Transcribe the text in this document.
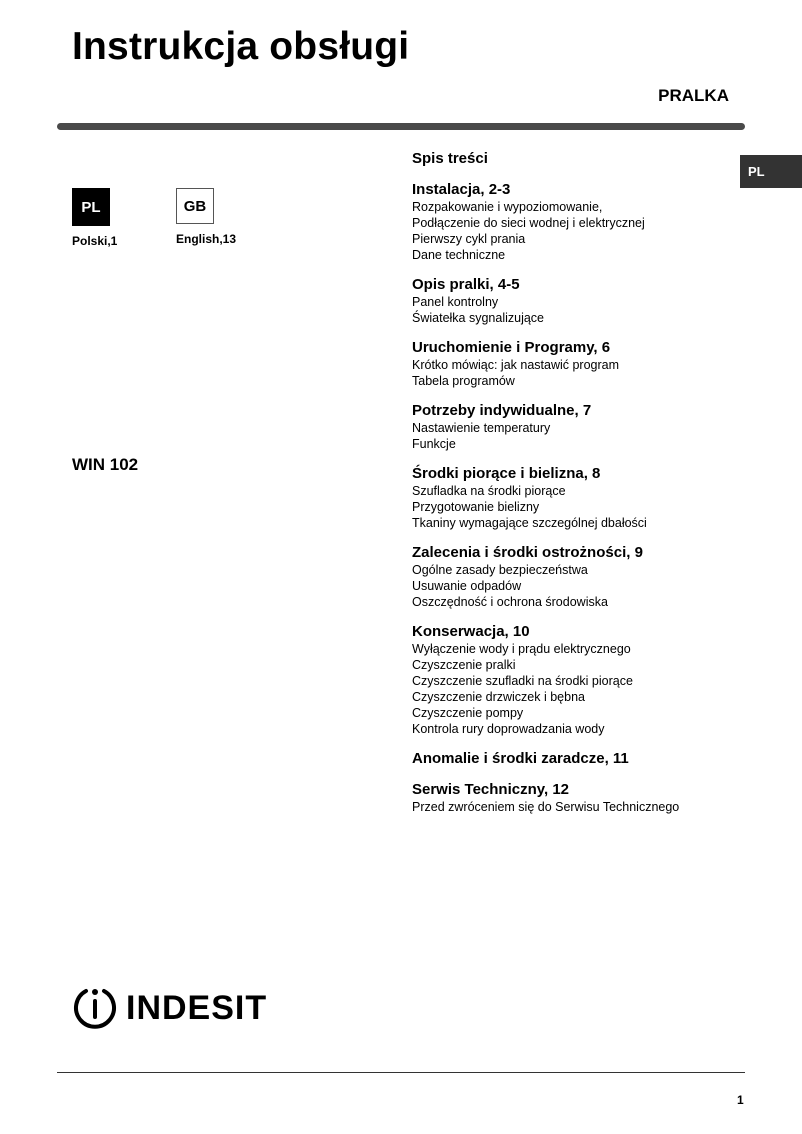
Instrukcja obsługi
PRALKA
PL
PL
Polski,1
GB
English,13
WIN 102
Spis treści
Instalacja, 2-3
Rozpakowanie i wypoziomowanie,
Podłączenie do sieci wodnej i elektrycznej
Pierwszy cykl prania
Dane techniczne
Opis pralki, 4-5
Panel kontrolny
Światełka sygnalizujące
Uruchomienie i Programy, 6
Krótko mówiąc: jak nastawić program
Tabela programów
Potrzeby indywidualne, 7
Nastawienie temperatury
Funkcje
Środki piorące i bielizna, 8
Szufladka na środki piorące
Przygotowanie bielizny
Tkaniny wymagające szczególnej dbałości
Zalecenia i środki ostrożności, 9
Ogólne zasady bezpieczeństwa
Usuwanie odpadów
Oszczędność i ochrona środowiska
Konserwacja, 10
Wyłączenie wody i prądu elektrycznego
Czyszczenie pralki
Czyszczenie szufladki na środki piorące
Czyszczenie drzwiczek i bębna
Czyszczenie pompy
Kontrola rury doprowadzania wody
Anomalie i środki zaradcze, 11
Serwis Techniczny, 12
Przed zwróceniem się do Serwisu Technicznego
INDESIT
1
